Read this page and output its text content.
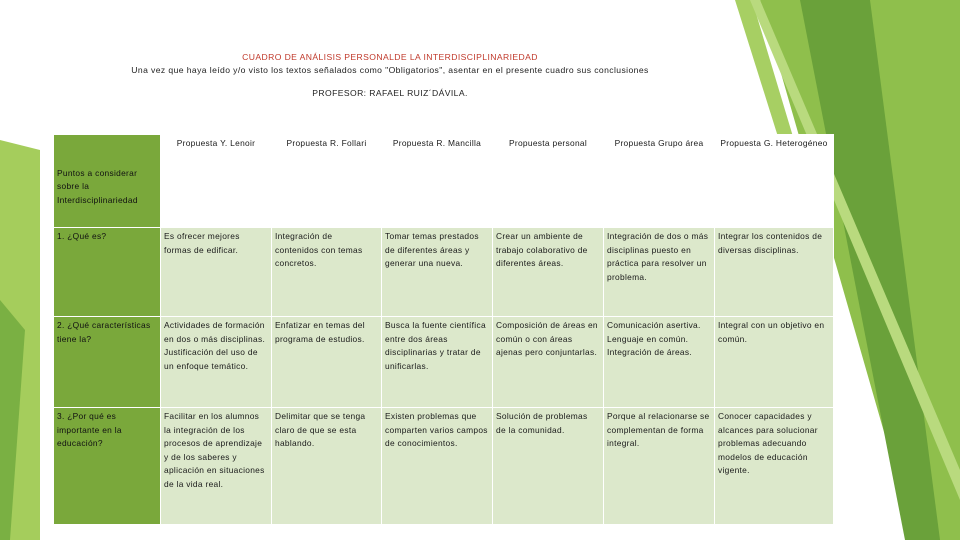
CUADRO DE ANÁLISIS PERSONALDE LA INTERDISCIPLINARIEDAD
Una vez que haya leído y/o visto los textos señalados como "Obligatorios", asentar en el presente cuadro sus conclusiones
PROFESOR: RAFAEL RUIZ´DÁVILA.
Puntos a considerar sobre la Interdisciplinariedad	Propuesta Y. Lenoir	Propuesta R. Follari	Propuesta R. Mancilla	Propuesta personal	Propuesta Grupo área	Propuesta G. Heterogéneo
1. ¿Qué es?	Es ofrecer mejores formas de edificar.	Integración de contenidos con temas concretos.	Tomar temas prestados de diferentes áreas y generar una nueva.	Crear un ambiente de trabajo colaborativo de diferentes áreas.	Integración de dos o más disciplinas puesto en práctica para resolver un problema.	Integrar los contenidos de diversas disciplinas.
2. ¿Qué características tiene la?	Actividades de formación en dos o más disciplinas. Justificación del uso de un enfoque temático.	Enfatizar en temas del programa de estudios.	Busca la fuente científica entre dos áreas disciplinarias y tratar de unificarlas.	Composición de áreas en común o con áreas ajenas pero conjuntarlas.	Comunicación asertiva. Lenguaje en común. Integración de áreas.	Integral con un objetivo en común.
3. ¿Por qué es importante en la educación?	Facilitar en los alumnos la integración de los procesos de aprendizaje y de los saberes y aplicación en situaciones de la vida real.	Delimitar que se tenga claro de que se esta hablando.	Existen problemas que comparten varios campos de conocimientos.	Solución de problemas de la comunidad.	Porque al relacionarse se complementan de forma integral.	Conocer capacidades y alcances para solucionar problemas adecuando modelos de educación vigente.
